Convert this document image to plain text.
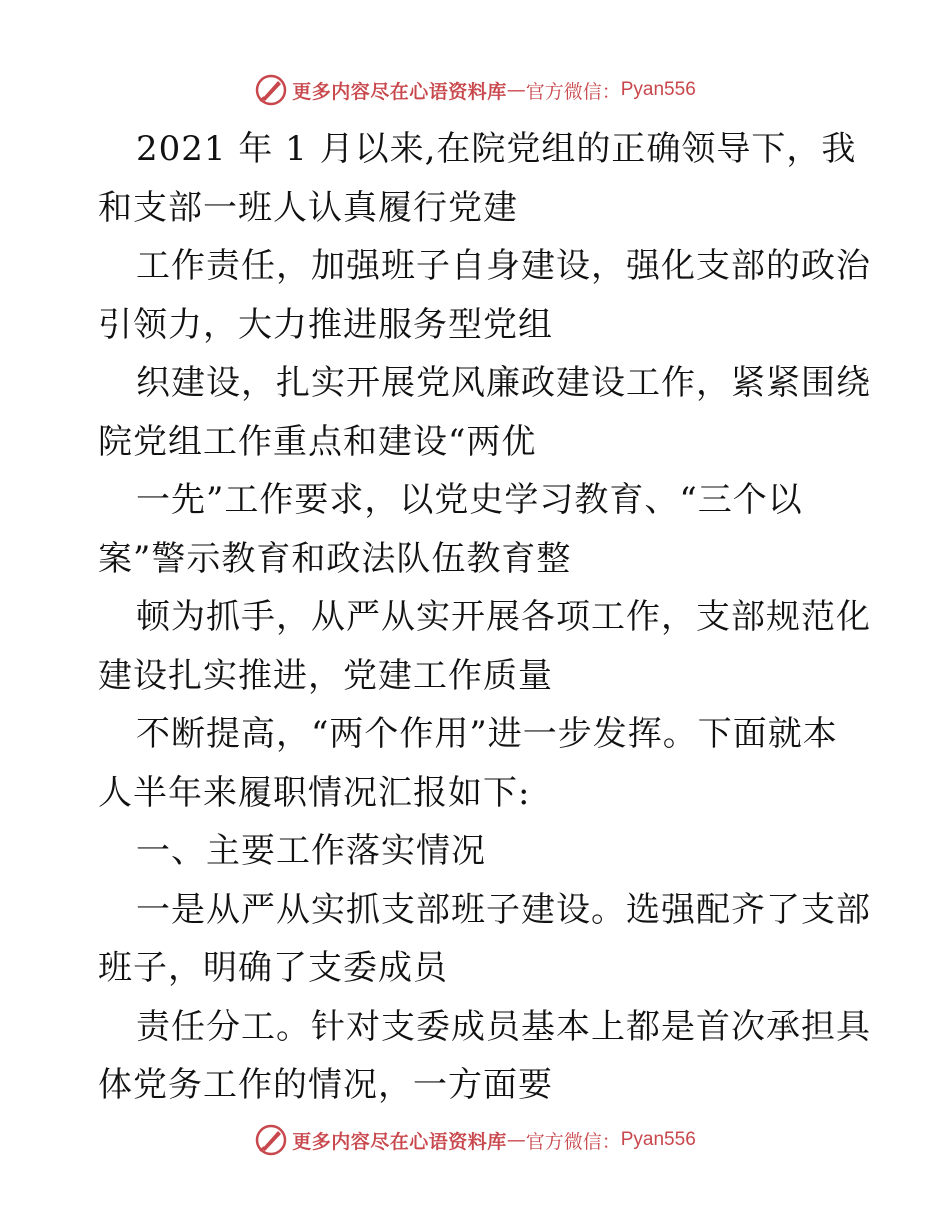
更多内容尽在心语资料库 — 官方微信： Pyan556
2021 年 1 月以来,在院党组的正确领导下，我
和支部一班人认真履行党建
工作责任，加强班子自身建设，强化支部的政治
引领力，大力推进服务型党组
织建设，扎实开展党风廉政建设工作，紧紧围绕
院党组工作重点和建设“两优
一先”工作要求，以党史学习教育、“三个以
案”警示教育和政法队伍教育整
顿为抓手，从严从实开展各项工作，支部规范化
建设扎实推进，党建工作质量
不断提高，“两个作用”进一步发挥。下面就本
人半年来履职情况汇报如下:
一、主要工作落实情况
一是从严从实抓支部班子建设。选强配齐了支部
班子，明确了支委成员
责任分工。针对支委成员基本上都是首次承担具
体党务工作的情况，一方面要
更多内容尽在心语资料库 — 官方微信： Pyan556
